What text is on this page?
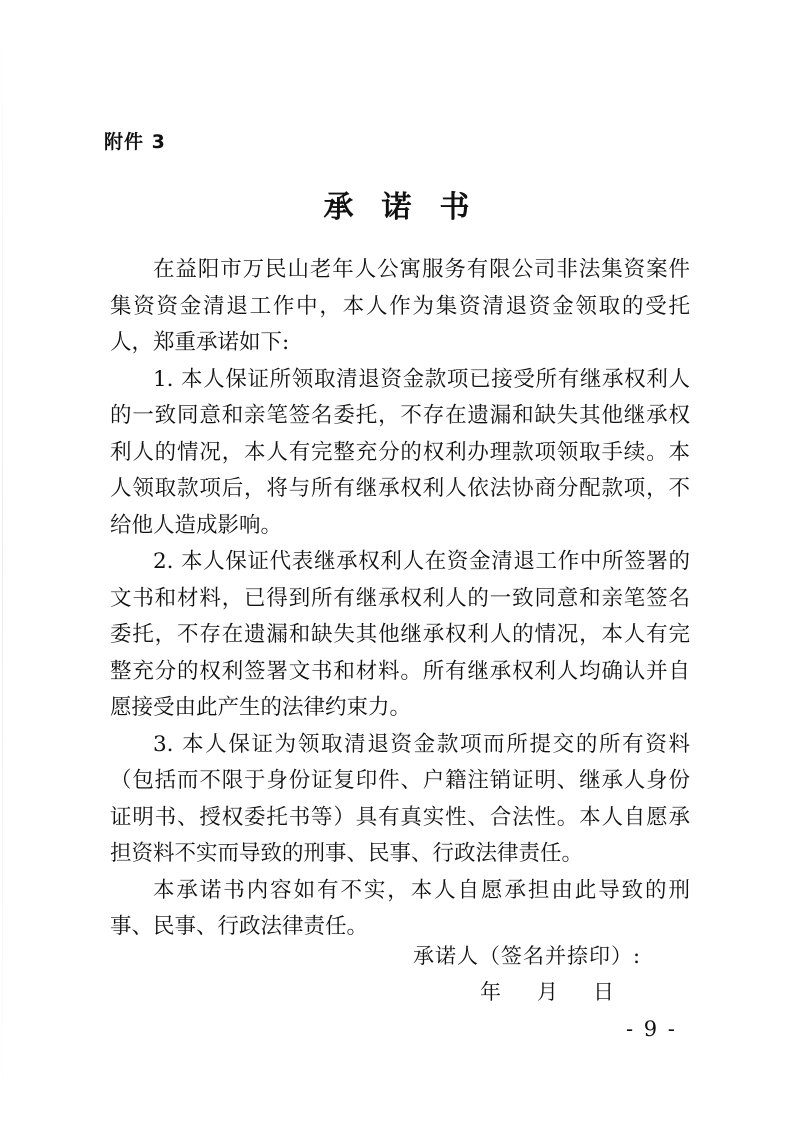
附件 3
承诺书

在益阳市万民山老年人公寓服务有限公司非法集资案件集资资金清退工作中，本人作为集资清退资金领取的受托人，郑重承诺如下:

1. 本人保证所领取清退资金款项已接受所有继承权利人的一致同意和亲笔签名委托，不存在遗漏和缺失其他继承权利人的情况，本人有完整充分的权利办理款项领取手续。本人领取款项后，将与所有继承权利人依法协商分配款项，不给他人造成影响。

2. 本人保证代表继承权利人在资金清退工作中所签署的文书和材料，已得到所有继承权利人的一致同意和亲笔签名委托，不存在遗漏和缺失其他继承权利人的情况，本人有完整充分的权利签署文书和材料。所有继承权利人均确认并自愿接受由此产生的法律约束力。

3. 本人保证为领取清退资金款项而所提交的所有资料（包括而不限于身份证复印件、户籍注销证明、继承人身份证明书、授权委托书等）具有真实性、合法性。本人自愿承担资料不实而导致的刑事、民事、行政法律责任。

本承诺书内容如有不实，本人自愿承担由此导致的刑事、民事、行政法律责任。

承诺人（签名并捺印）:
年 月 日
- 9 -
